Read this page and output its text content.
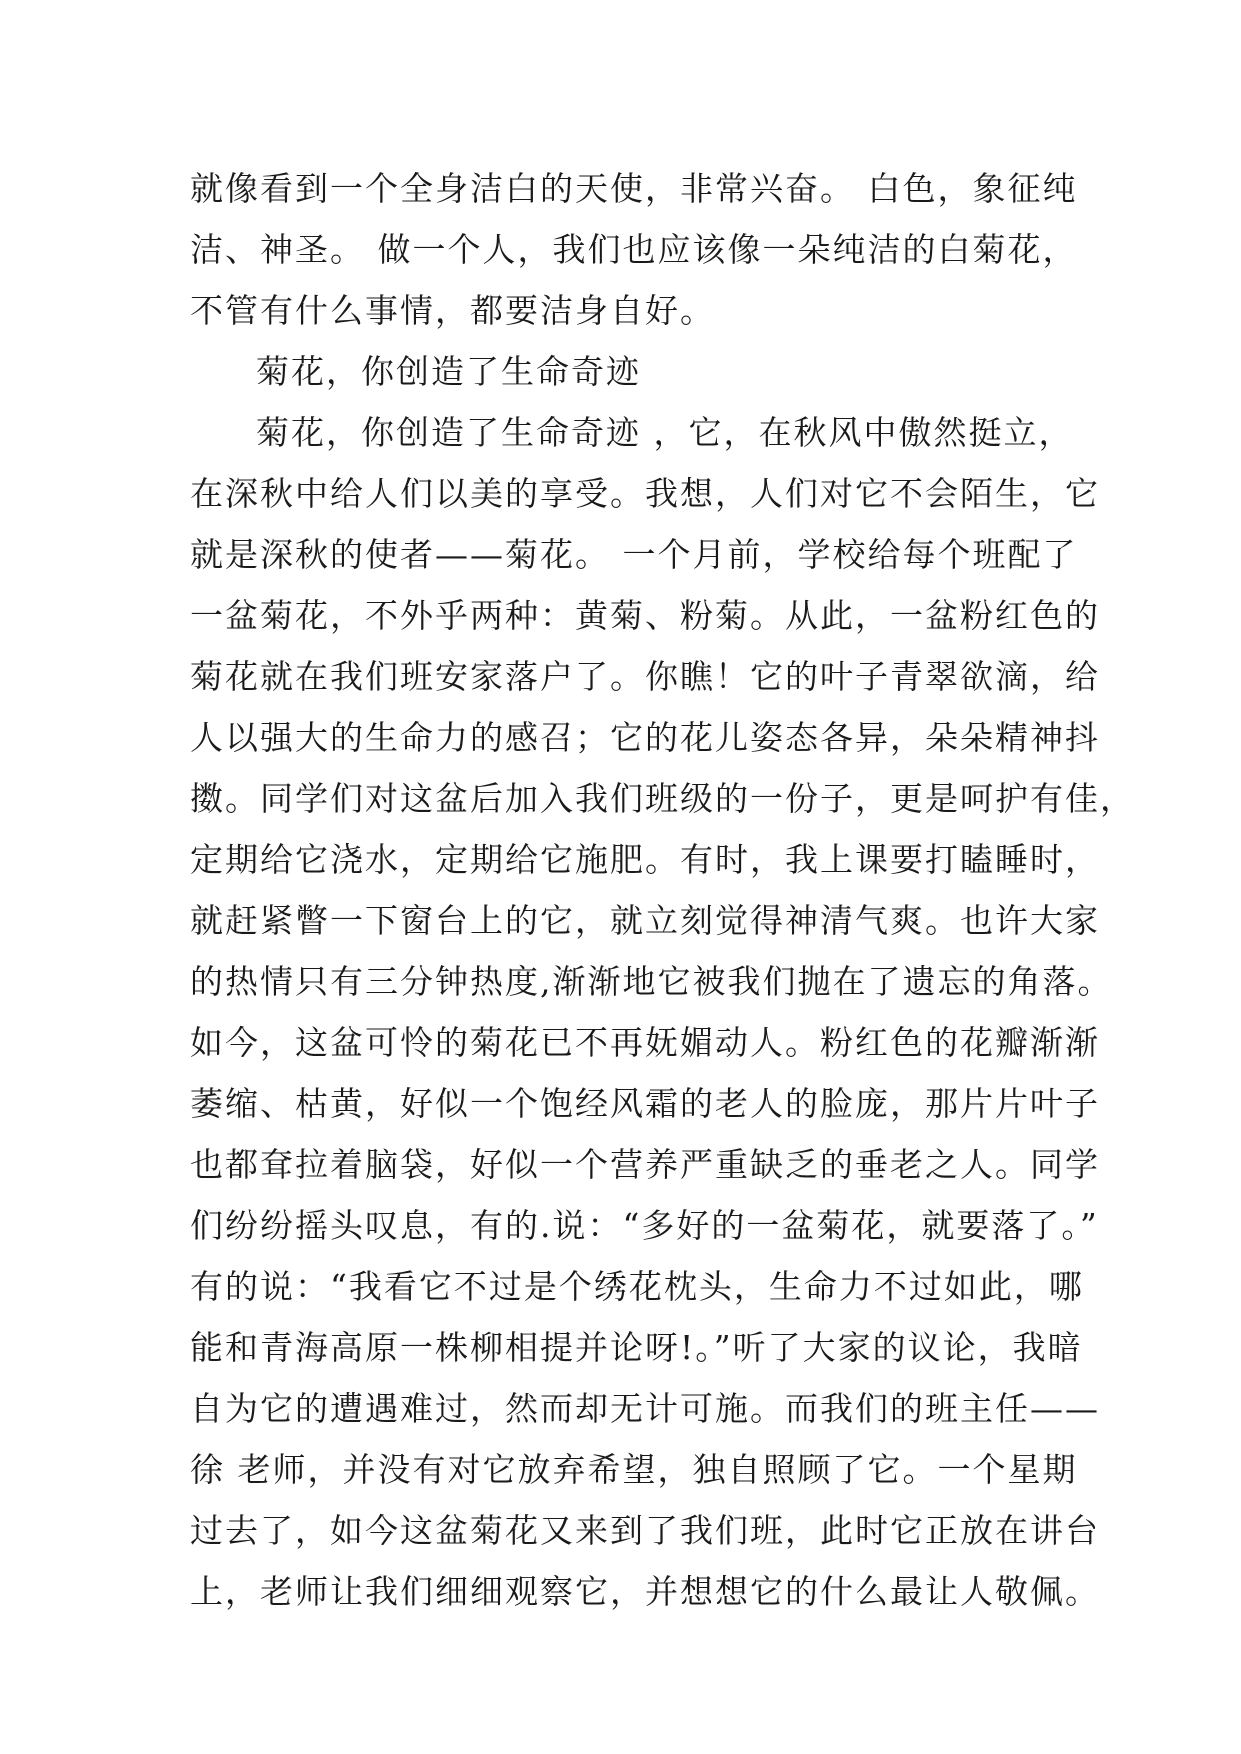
就像看到一个全身洁白的天使，非常兴奋。 白色，象征纯
洁、神圣。 做一个人，我们也应该像一朵纯洁的白菊花，
不管有什么事情，都要洁身自好。
菊花，你创造了生命奇迹
菊花，你创造了生命奇迹 ，它，在秋风中傲然挺立，
在深秋中给人们以美的享受。我想，人们对它不会陌生，它
就是深秋的使者——菊花。 一个月前，学校给每个班配了
一盆菊花，不外乎两种：黄菊、粉菊。从此，一盆粉红色的
菊花就在我们班安家落户了。你瞧！它的叶子青翠欲滴，给
人以强大的生命力的感召；它的花儿姿态各异，朵朵精神抖
擞。同学们对这盆后加入我们班级的一份子，更是呵护有佳，
定期给它浇水，定期给它施肥。有时，我上课要打瞌睡时，
就赶紧瞥一下窗台上的它，就立刻觉得神清气爽。也许大家
的热情只有三分钟热度,渐渐地它被我们抛在了遗忘的角落。
如今，这盆可怜的菊花已不再妩媚动人。粉红色的花瓣渐渐
萎缩、枯黄，好似一个饱经风霜的老人的脸庞，那片片叶子
也都耷拉着脑袋，好似一个营养严重缺乏的垂老之人。同学
们纷纷摇头叹息，有的.说：“多好的一盆菊花，就要落了。”
有的说：“我看它不过是个绣花枕头，生命力不过如此，哪
能和青海高原一株柳相提并论呀!。”听了大家的议论，我暗
自为它的遭遇难过，然而却无计可施。而我们的班主任——
徐 老师，并没有对它放弃希望，独自照顾了它。一个星期
过去了，如今这盆菊花又来到了我们班，此时它正放在讲台
上，老师让我们细细观察它，并想想它的什么最让人敬佩。
